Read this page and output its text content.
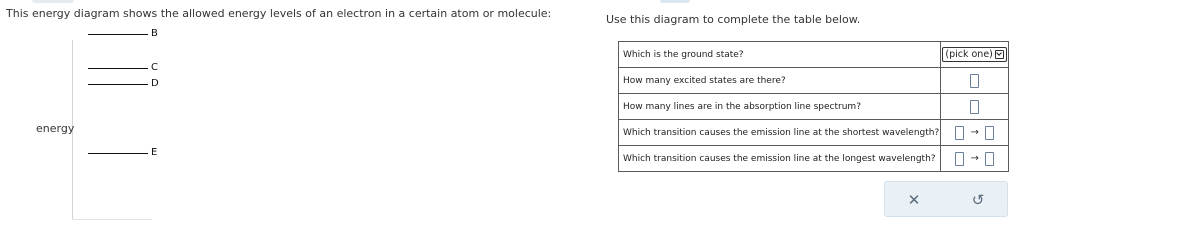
This energy diagram shows the allowed energy levels of an electron in a certain atom or molecule:
energy
B
C
D
E
Use this diagram to complete the table below.
Which is the ground state?	(pick one)

How many excited states are there?	
How many lines are in the absorption line spectrum?	
Which transition causes the emission line at the shortest wavelength?	→
Which transition causes the emission line at the longest wavelength?	→
✕	↺
